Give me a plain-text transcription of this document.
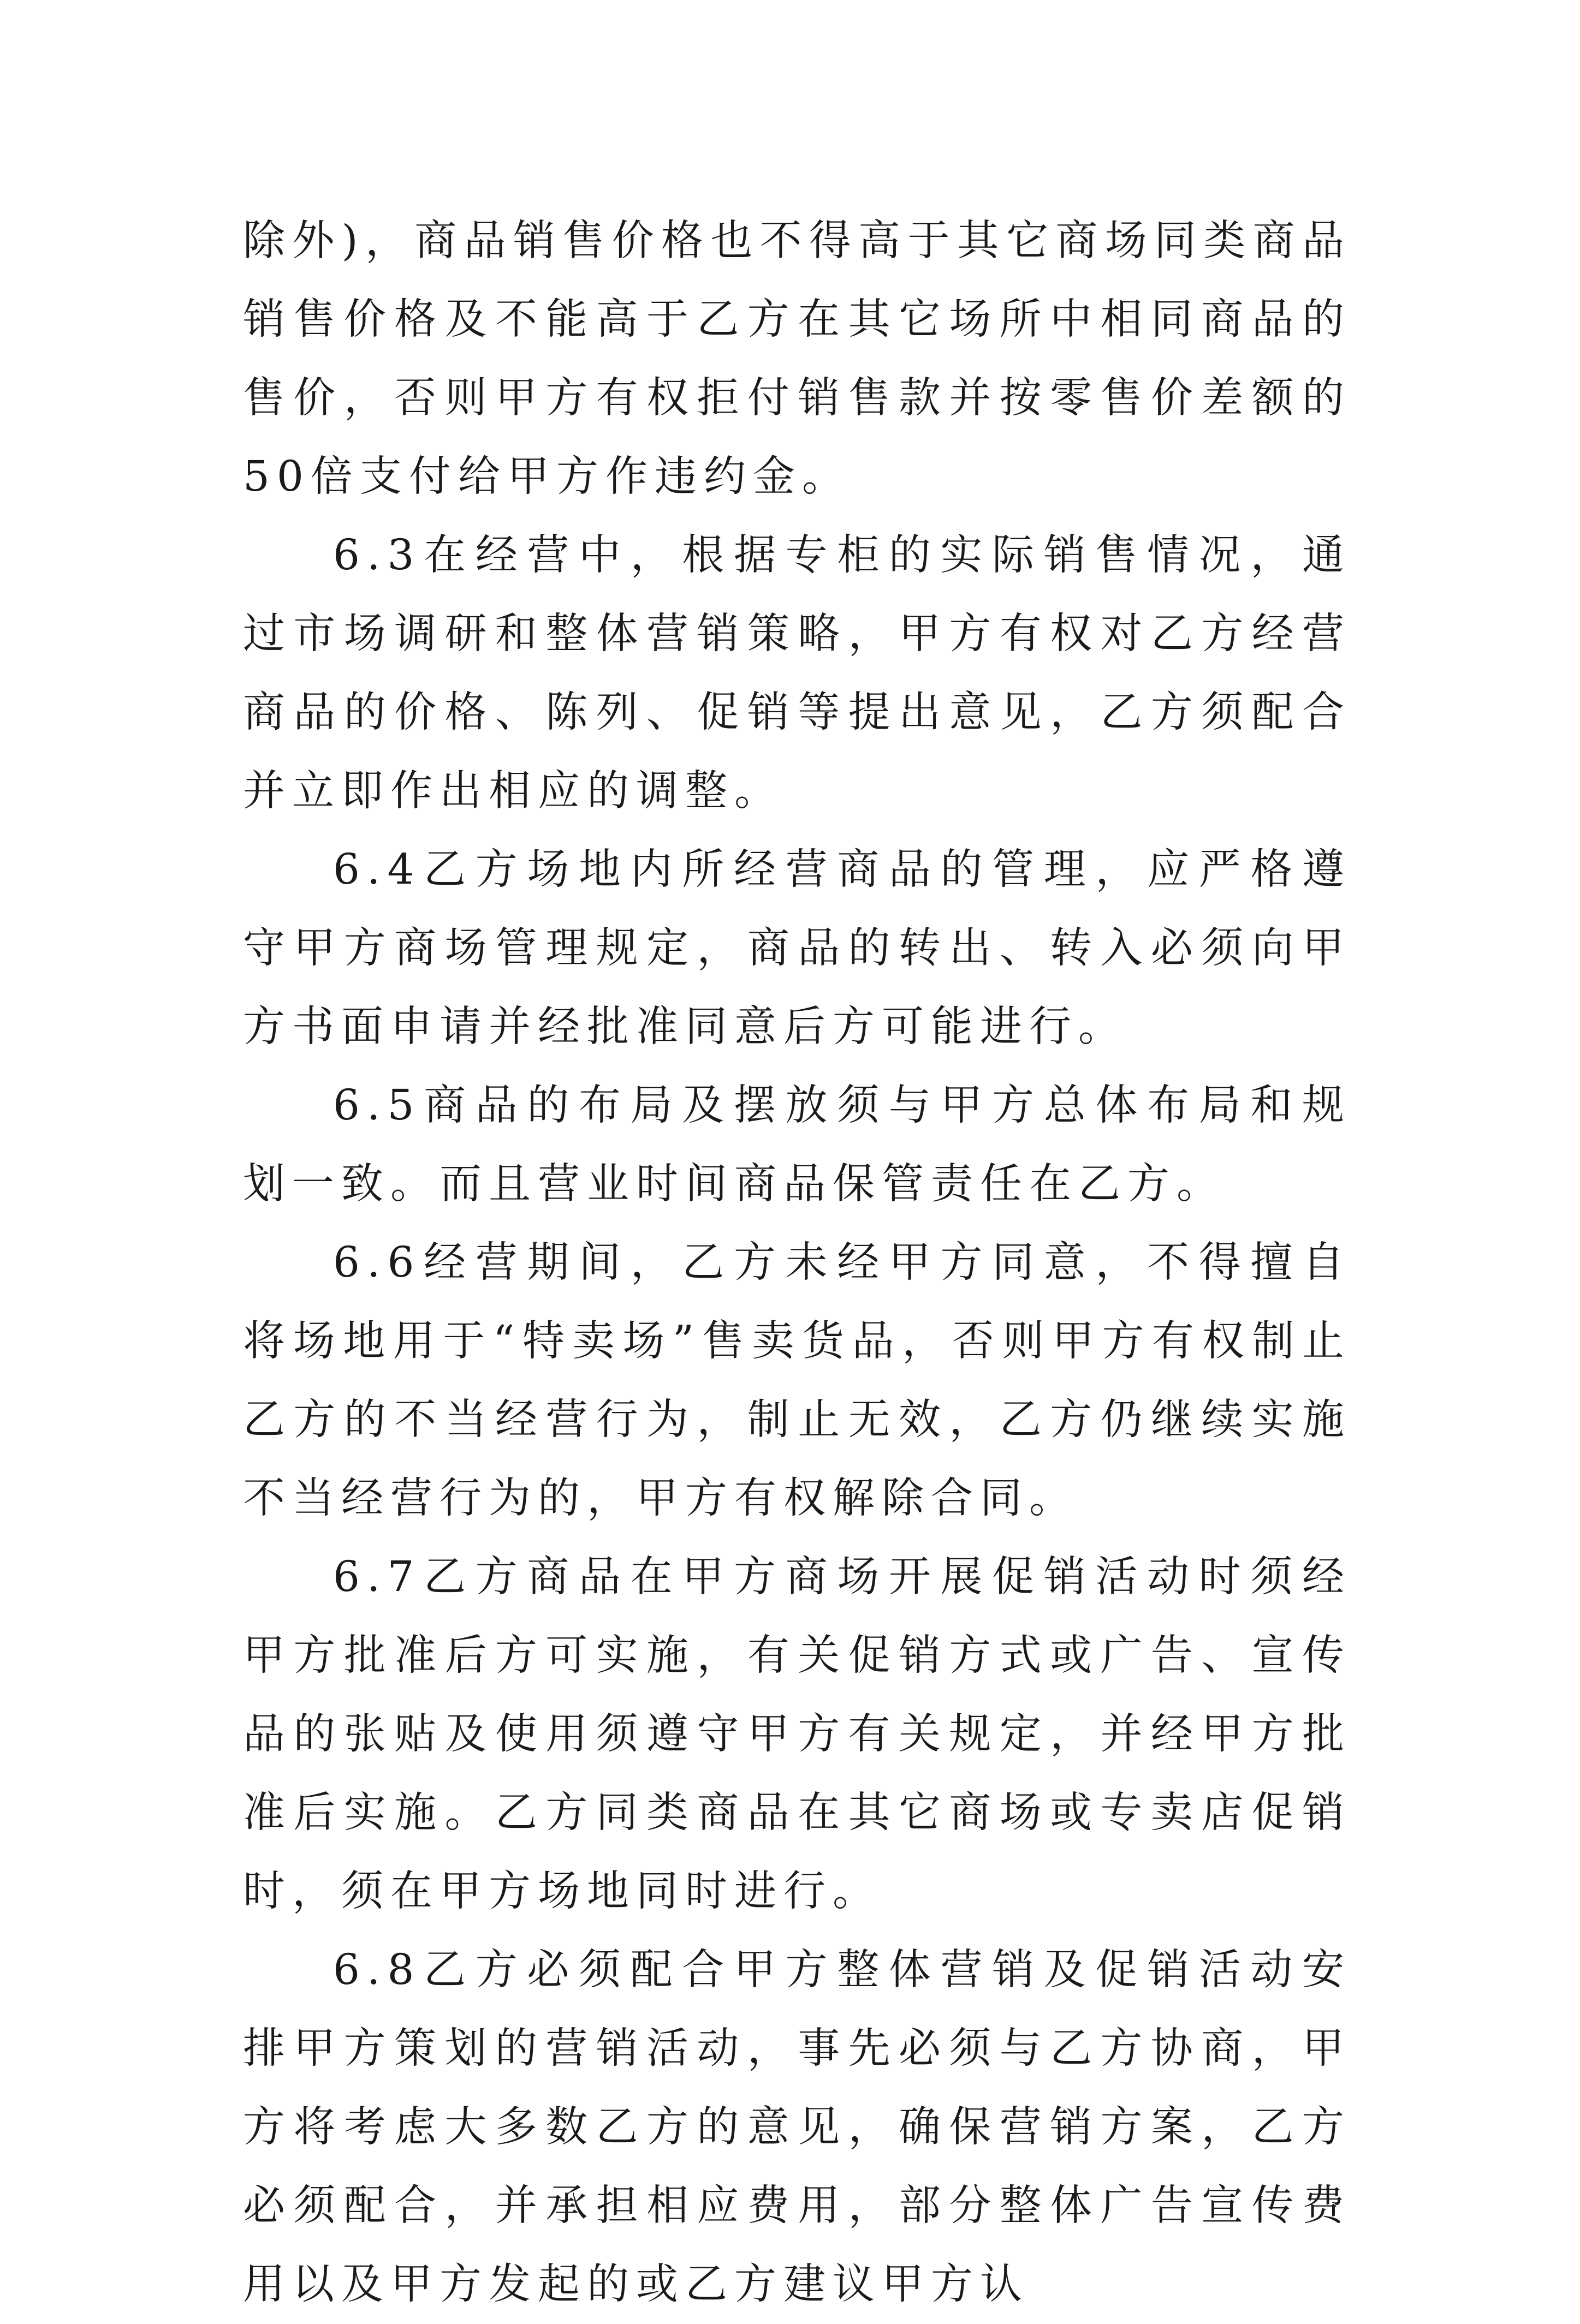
除外)，商品销售价格也不得高于其它商场同类商品销售价格及不能高于乙方在其它场所中相同商品的售价，否则甲方有权拒付销售款并按零售价差额的50倍支付给甲方作违约金。

6.3在经营中，根据专柜的实际销售情况，通过市场调研和整体营销策略，甲方有权对乙方经营商品的价格、陈列、促销等提出意见，乙方须配合并立即作出相应的调整。

6.4乙方场地内所经营商品的管理，应严格遵守甲方商场管理规定，商品的转出、转入必须向甲方书面申请并经批准同意后方可能进行。

6.5商品的布局及摆放须与甲方总体布局和规划一致。而且营业时间商品保管责任在乙方。

6.6经营期间，乙方未经甲方同意，不得擅自将场地用于“特卖场”售卖货品，否则甲方有权制止乙方的不当经营行为，制止无效，乙方仍继续实施不当经营行为的，甲方有权解除合同。

6.7乙方商品在甲方商场开展促销活动时须经甲方批准后方可实施，有关促销方式或广告、宣传品的张贴及使用须遵守甲方有关规定，并经甲方批准后实施。乙方同类商品在其它商场或专卖店促销时，须在甲方场地同时进行。

6.8乙方必须配合甲方整体营销及促销活动安排甲方策划的营销活动，事先必须与乙方协商，甲方将考虑大多数乙方的意见，确保营销方案，乙方必须配合，并承担相应费用，部分整体广告宣传费用以及甲方发起的或乙方建议甲方认
